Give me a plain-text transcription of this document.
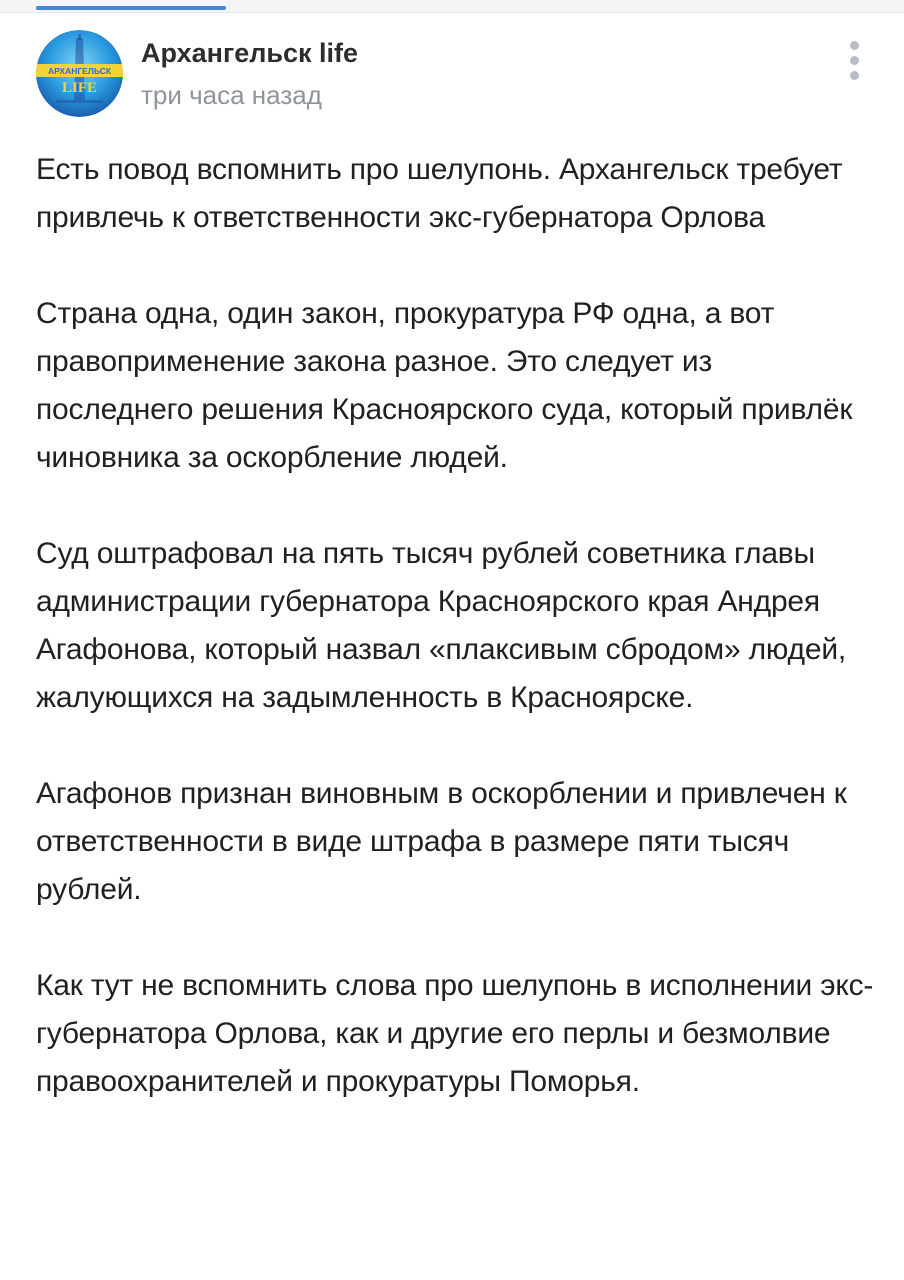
АРХАНГЕЛЬСК
LIFE
Архангельск life
три часа назад

Есть повод вспомнить про шелупонь. Архангельск требует привлечь к ответственности экс-губернатора Орлова

Страна одна, один закон, прокуратура РФ одна, а вот правоприменение закона разное. Это следует из последнего решения Красноярского суда, который привлёк чиновника за оскорбление людей.

Суд оштрафовал на пять тысяч рублей советника главы администрации губернатора Красноярского края Андрея Агафонова, который назвал «плаксивым сбродом» людей, жалующихся на задымленность в Красноярске.

Агафонов признан виновным в оскорблении и привлечен к ответственности в виде штрафа в размере пяти тысяч рублей.

Как тут не вспомнить слова про шелупонь в исполнении экс-губернатора Орлова, как и другие его перлы и безмолвие правоохранителей и прокуратуры Поморья.
